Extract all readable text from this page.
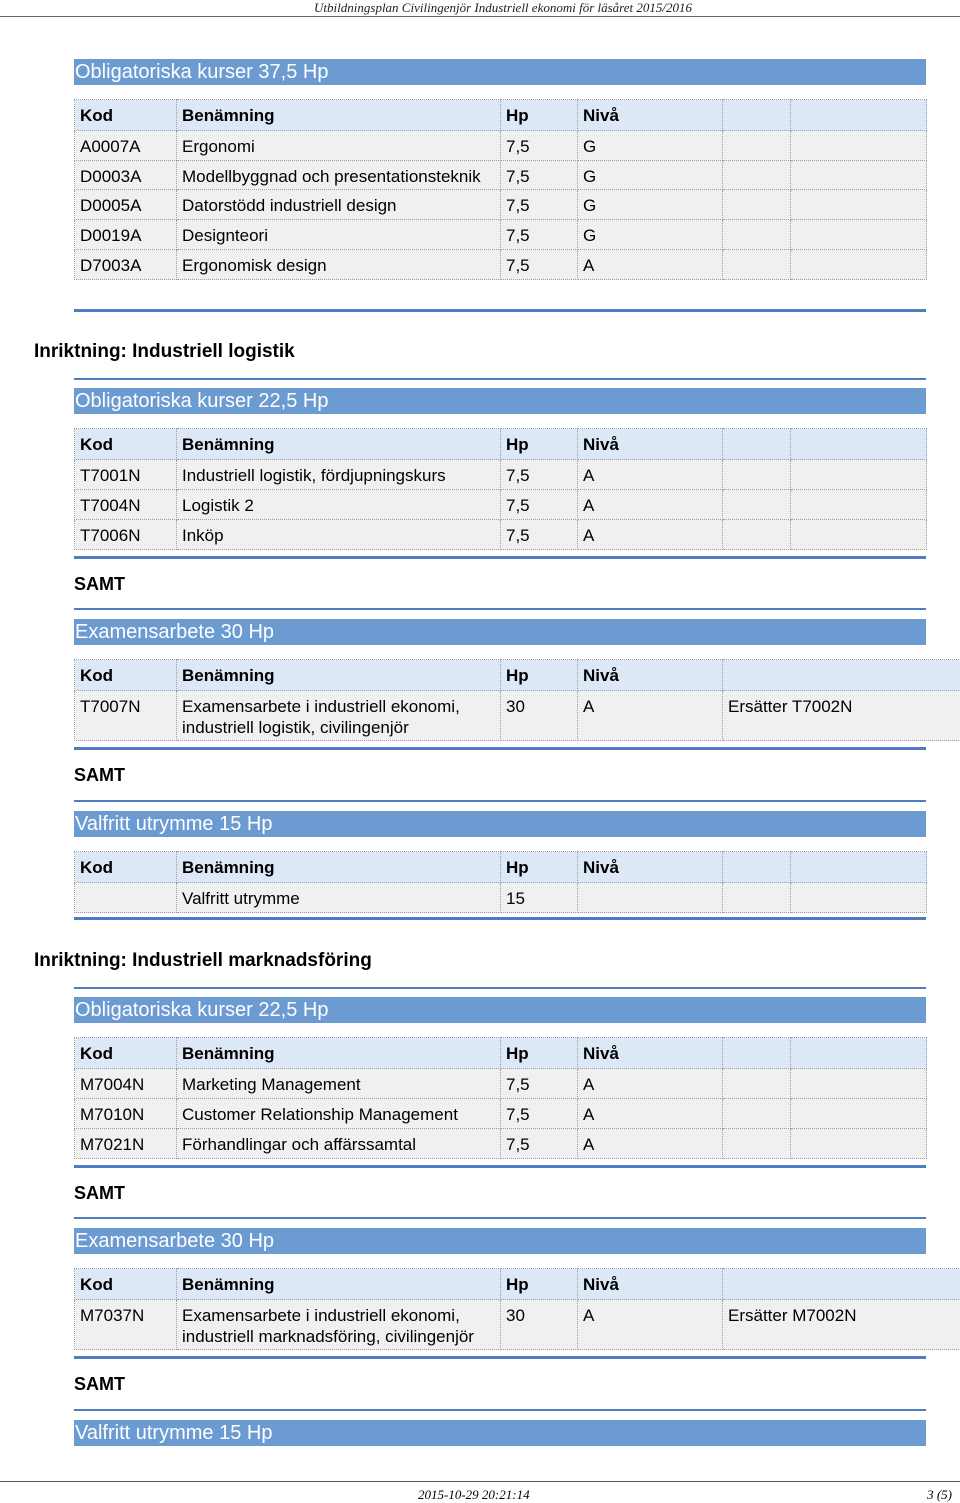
Utbildningsplan Civilingenjör Industriell ekonomi för läsåret 2015/2016
Obligatoriska kurser 37,5 Hp
Kod	Benämning	Hp	Nivå		
A0007A	Ergonomi	7,5	G		
D0003A	Modellbyggnad och presentationsteknik	7,5	G		
D0005A	Datorstödd industriell design	7,5	G		
D0019A	Designteori	7,5	G		
D7003A	Ergonomisk design	7,5	A		
Inriktning: Industriell logistik
Obligatoriska kurser 22,5 Hp
Kod	Benämning	Hp	Nivå		
T7001N	Industriell logistik, fördjupningskurs	7,5	A		
T7004N	Logistik 2	7,5	A		
T7006N	Inköp	7,5	A		
SAMT
Examensarbete 30 Hp
Kod	Benämning	Hp	Nivå	
T7007N	Examensarbete i industriell ekonomi, industriell logistik, civilingenjör	30	A	Ersätter T7002N
SAMT
Valfritt utrymme 15 Hp
Kod	Benämning	Hp	Nivå		
	Valfritt utrymme	15			
Inriktning: Industriell marknadsföring
Obligatoriska kurser 22,5 Hp
Kod	Benämning	Hp	Nivå		
M7004N	Marketing Management	7,5	A		
M7010N	Customer Relationship Management	7,5	A		
M7021N	Förhandlingar och affärssamtal	7,5	A		
SAMT
Examensarbete 30 Hp
Kod	Benämning	Hp	Nivå	
M7037N	Examensarbete i industriell ekonomi, industriell marknadsföring, civilingenjör	30	A	Ersätter M7002N
SAMT
Valfritt utrymme 15 Hp
2015-10-29 20:21:14	3 (5)
